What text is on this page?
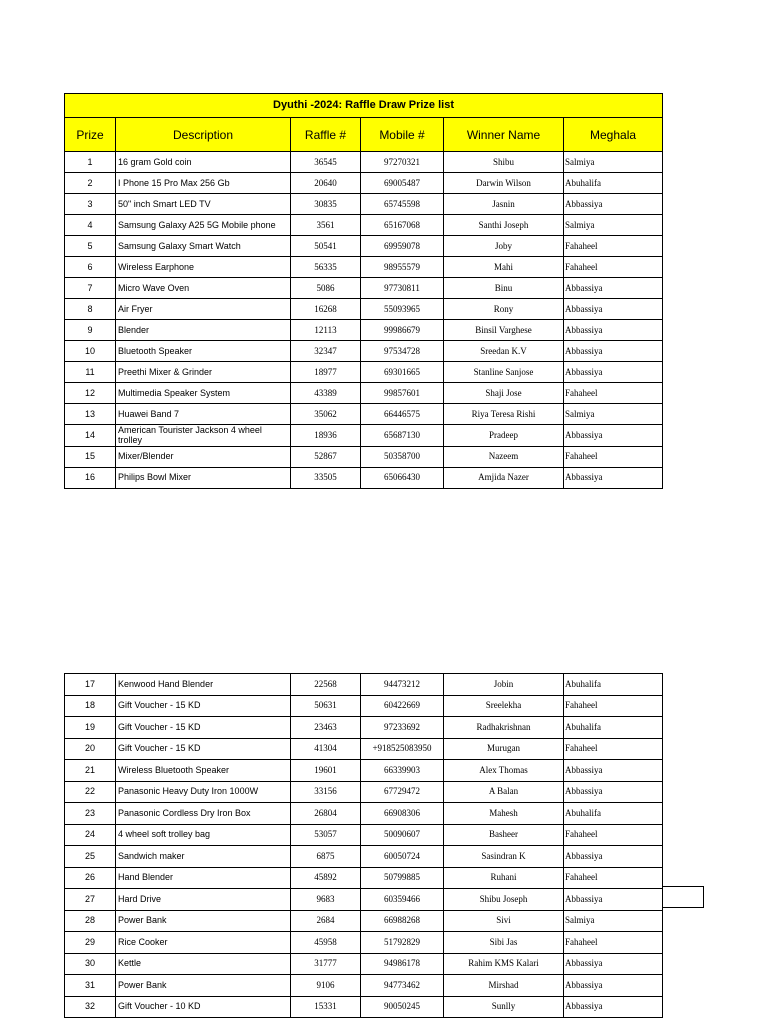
Dyuthi -2024: Raffle Draw Prize list					
Prize	Description	Raffle #	Mobile #	Winner Name	Meghala
1	16 gram Gold coin	36545	97270321	Shibu	Salmiya
2	I Phone 15 Pro Max 256 Gb	20640	69005487	Darwin Wilson	Abuhalifa
3	50" inch Smart LED TV	30835	65745598	Jasnin	Abbassiya
4	Samsung Galaxy A25 5G Mobile phone	3561	65167068	Santhi Joseph	Salmiya
5	Samsung Galaxy Smart Watch	50541	69959078	Joby	Fahaheel
6	Wireless Earphone	56335	98955579	Mahi	Fahaheel
7	Micro Wave Oven	5086	97730811	Binu	Abbassiya
8	Air Fryer	16268	55093965	Rony	Abbassiya
9	Blender	12113	99986679	Binsil Varghese	Abbassiya
10	Bluetooth Speaker	32347	97534728	Sreedan K.V	Abbassiya
11	Preethi Mixer & Grinder	18977	69301665	Stanline Sanjose	Abbassiya
12	Multimedia Speaker System	43389	99857601	Shaji Jose	Fahaheel
13	Huawei Band 7	35062	66446575	Riya Teresa Rishi	Salmiya
14	American Tourister Jackson 4 wheel trolley	18936	65687130	Pradeep	Abbassiya
15	Mixer/Blender	52867	50358700	Nazeem	Fahaheel
16	Philips Bowl Mixer	33505	65066430	Amjida Nazer	Abbassiya
17	Kenwood Hand Blender	22568	94473212	Jobin	Abuhalifa
18	Gift Voucher - 15 KD	50631	60422669	Sreelekha	Fahaheel
19	Gift Voucher - 15 KD	23463	97233692	Radhakrishnan	Abuhalifa
20	Gift Voucher - 15 KD	41304	+918525083950	Murugan	Fahaheel
21	Wireless Bluetooth Speaker	19601	66339903	Alex Thomas	Abbassiya
22	Panasonic Heavy Duty Iron 1000W	33156	67729472	A Balan	Abbassiya
23	Panasonic Cordless Dry Iron Box	26804	66908306	Mahesh	Abuhalifa
24	4 wheel soft trolley bag	53057	50090607	Basheer	Fahaheel
25	Sandwich maker	6875	60050724	Sasindran K	Abbassiya
26	Hand Blender	45892	50799885	Ruhani	Fahaheel
27	Hard Drive	9683	60359466	Shibu Joseph	Abbassiya
28	Power Bank	2684	66988268	Sivi	Salmiya
29	Rice Cooker	45958	51792829	Sibi Jas	Fahaheel
30	Kettle	31777	94986178	Rahim KMS Kalari	Abbassiya
31	Power Bank	9106	94773462	Mirshad	Abbassiya
32	Gift Voucher - 10 KD	15331	90050245	Sunlly	Abbassiya
